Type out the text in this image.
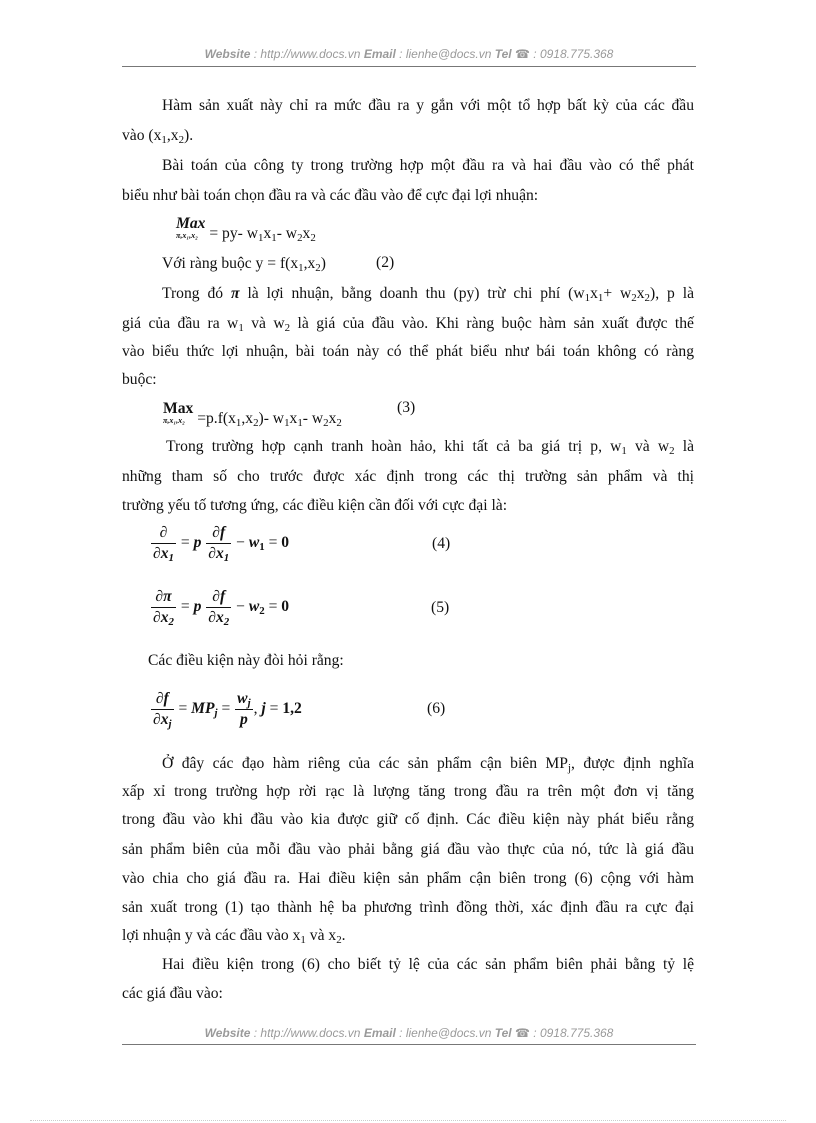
Website : http://www.docs.vn Email : lienhe@docs.vn Tel ☎ : 0918.775.368
Hàm sản xuất này chỉ ra mức đầu ra y gắn với một tổ hợp bất kỳ của các đầu
vào $(x_1,x_2)$.
Bài toán của công ty trong trường hợp một đầu ra và hai đầu vào có thể phát
biểu như bài toán chọn đầu ra và các đầu vào để cực đại lợi nhuận:
Max
π,x₁,x₂ = py- $w_1x_1-$ $w_2x_2$
Với ràng buộc $y = f(x_1,x_2)$	(2)
Trong đó π là lợi nhuận, bằng doanh thu (py) trừ chi phí $(w_1x_1+ w_2x_2)$, p là
giá của đầu ra $w_1$ và $w_2$ là giá của đầu vào. Khi ràng buộc hàm sản xuất được thế
vào biểu thức lợi nhuận, bài toán này có thể phát biểu như bái toán không có ràng
buộc:
Max
$\pi,x_1,x_2 =p.f(x_1,x_2)-$ $w_1x_1-$ $w_2x_2$
(3)
Trong trường hợp cạnh tranh hoàn hảo, khi tất cả ba giá trị p, $w_1$ và $w_2$ là
những tham số cho trước được xác định trong các thị trường sản phẩm và thị
trường yếu tố tương ứng, các điều kiện cần đối với cực đại là:
$\frac{\partial}{\partial x_1} = p \frac{\partial f}{\partial x_1} - w_1 = 0$	(4)
$\frac{\partial\pi}{\partial x_2} = p \frac{\partial f}{\partial x_2} - w_2 = 0$	(5)
Các điều kiện này đòi hỏi rằng:
$\frac{\partial f}{\partial x_j} = MP_j = \frac{w_j}{p}$ , j = 1,2	(6)
Ở đây các đạo hàm riêng của các sản phẩm cận biên $MP_j$, được định nghĩa
xấp xỉ trong trường hợp rời rạc là lượng tăng trong đầu ra trên một đơn vị tăng
trong đầu vào khi đầu vào kia được giữ cố định. Các điều kiện này phát biểu rằng
sản phẩm biên của mỗi đầu vào phải bằng giá đầu vào thực của nó, tức là giá đầu
vào chia cho giá đầu ra. Hai điều kiện sản phẩm cận biên trong (6) cộng với hàm
sản xuất trong (1) tạo thành hệ ba phương trình đồng thời, xác định đầu ra cực đại
lợi nhuận y và các đầu vào $x_1$ và $x_2$.
Hai điều kiện trong (6) cho biết tỷ lệ của các sản phẩm biên phải bằng tỷ lệ
các giá đầu vào:
Website : http://www.docs.vn Email : lienhe@docs.vn Tel ☎ : 0918.775.368
